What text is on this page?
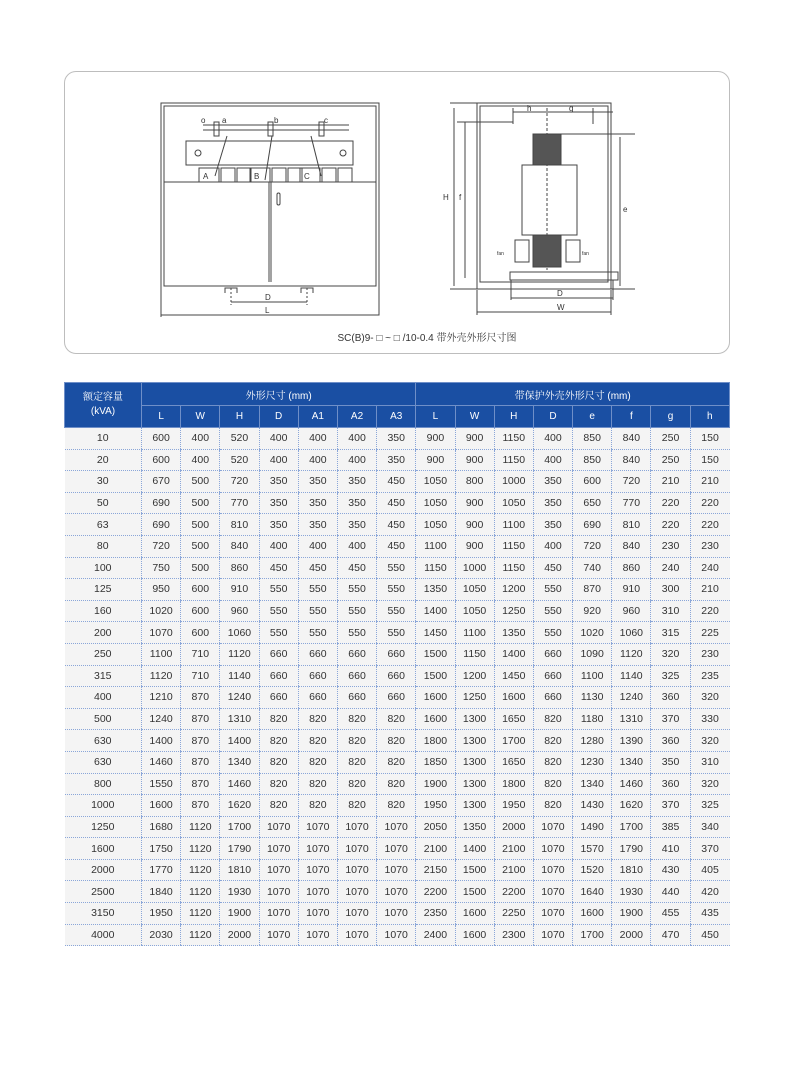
o a	b	c
A	B	C
D
L
h	g
H f
e
D
W
fan	fan
SC(B)9- □ ~ □ /10-0.4 带外壳外形尺寸图
额定容量
(kVA)	外形尺寸 (mm)							带保护外壳外形尺寸 (mm)							
	L	W	H	D	A1	A2	A3	L	W	H	D	e	f	g	h
10	600	400	520	400	400	400	350	900	900	1150	400	850	840	250	150
20	600	400	520	400	400	400	350	900	900	1150	400	850	840	250	150
30	670	500	720	350	350	350	450	1050	800	1000	350	600	720	210	210
50	690	500	770	350	350	350	450	1050	900	1050	350	650	770	220	220
63	690	500	810	350	350	350	450	1050	900	1100	350	690	810	220	220
80	720	500	840	400	400	400	450	1100	900	1150	400	720	840	230	230
100	750	500	860	450	450	450	550	1150	1000	1150	450	740	860	240	240
125	950	600	910	550	550	550	550	1350	1050	1200	550	870	910	300	210
160	1020	600	960	550	550	550	550	1400	1050	1250	550	920	960	310	220
200	1070	600	1060	550	550	550	550	1450	1100	1350	550	1020	1060	315	225
250	1100	710	1120	660	660	660	660	1500	1150	1400	660	1090	1120	320	230
315	1120	710	1140	660	660	660	660	1500	1200	1450	660	1100	1140	325	235
400	1210	870	1240	660	660	660	660	1600	1250	1600	660	1130	1240	360	320
500	1240	870	1310	820	820	820	820	1600	1300	1650	820	1180	1310	370	330
630	1400	870	1400	820	820	820	820	1800	1300	1700	820	1280	1390	360	320
630	1460	870	1340	820	820	820	820	1850	1300	1650	820	1230	1340	350	310
800	1550	870	1460	820	820	820	820	1900	1300	1800	820	1340	1460	360	320
1000	1600	870	1620	820	820	820	820	1950	1300	1950	820	1430	1620	370	325
1250	1680	1120	1700	1070	1070	1070	1070	2050	1350	2000	1070	1490	1700	385	340
1600	1750	1120	1790	1070	1070	1070	1070	2100	1400	2100	1070	1570	1790	410	370
2000	1770	1120	1810	1070	1070	1070	1070	2150	1500	2100	1070	1520	1810	430	405
2500	1840	1120	1930	1070	1070	1070	1070	2200	1500	2200	1070	1640	1930	440	420
3150	1950	1120	1900	1070	1070	1070	1070	2350	1600	2250	1070	1600	1900	455	435
4000	2030	1120	2000	1070	1070	1070	1070	2400	1600	2300	1070	1700	2000	470	450
